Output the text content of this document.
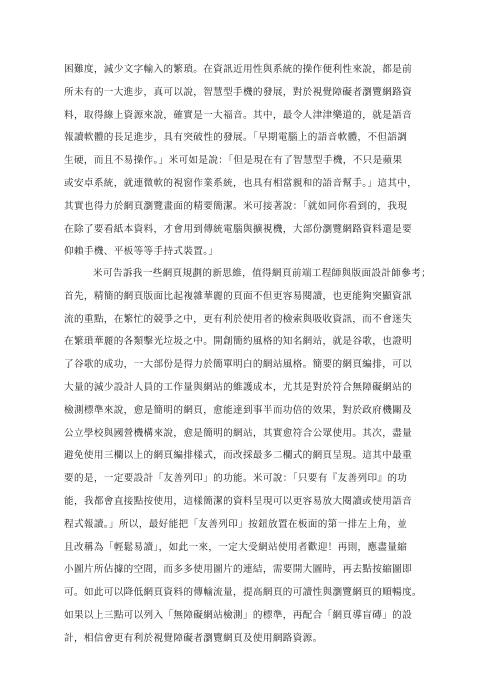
困難度，減少文字輸入的繁瑣。在資訊近用性與系統的操作便利性來說，都是前
所未有的一大進步，真可以說，智慧型手機的發展，對於視覺障礙者瀏覽網路資
料，取得線上資源來說，確實是一大福音。其中，最令人津津樂道的，就是語音
報讀軟體的長足進步，具有突破性的發展。「早期電腦上的語音軟體，不但語調
生硬，而且不易操作。」米可如是說：「但是現在有了智慧型手機，不只是蘋果
或安卓系統，就連微軟的視窗作業系統，也具有相當親和的語音幫手。」這其中，
其實也得力於網頁瀏覽畫面的精要簡潔。米可接著說：「就如同你看到的，我現
在除了要看紙本資料，才會用到傳統電腦與擴視機，大部份瀏覽網路資料還是要
仰賴手機、平板等等手持式裝置。」
米可告訴我一些網頁規劃的新思維，值得網頁前端工程師與版面設計師參考；
首先，精簡的網頁版面比起複雜華麗的頁面不但更容易閱讀，也更能夠突顯資訊
流的重點，在繁忙的競爭之中，更有利於使用者的檢索與吸收資訊，而不會迷失
在繁瑣華麗的各類擊光垃圾之中。開創簡約風格的知名網站，就是谷歌，也證明
了谷歌的成功，一大部份是得力於簡單明白的網站風格。簡要的網頁編排，可以
大量的減少設計人員的工作量與網站的維護成本，尤其是對於符合無障礙網站的
檢測標準來說，愈是簡明的網頁，愈能達到事半而功倍的效果，對於政府機關及
公立學校與國營機構來說，愈是簡明的網站，其實愈符合公眾使用。其次，盡量
避免使用三欄以上的網頁編排樣式，而改採最多二欄式的網頁呈現。這其中最重
要的是，一定要設計「友善列印」的功能。米可說：「只要有『友善列印』的功
能，我都會直接點按使用，這樣簡潔的資料呈現可以更容易放大閱讀或使用語音
程式報讀。」所以，最好能把「友善列印」按鈕放置在板面的第一排左上角，並
且改稱為「輕鬆易讀」，如此一來，一定大受網站使用者歡迎！再則，應盡量縮
小圖片所佔據的空間，而多多使用圖片的連結，需要開大圖時，再去點按縮圖即
可。如此可以降低網頁資料的傳輸流量，提高網頁的可讀性與瀏覽網頁的順暢度。
如果以上三點可以列入「無障礙網站檢測」的標準，再配合「網頁導盲磚」的設
計，相信會更有利於視覺障礙者瀏覽網頁及使用網路資源。
